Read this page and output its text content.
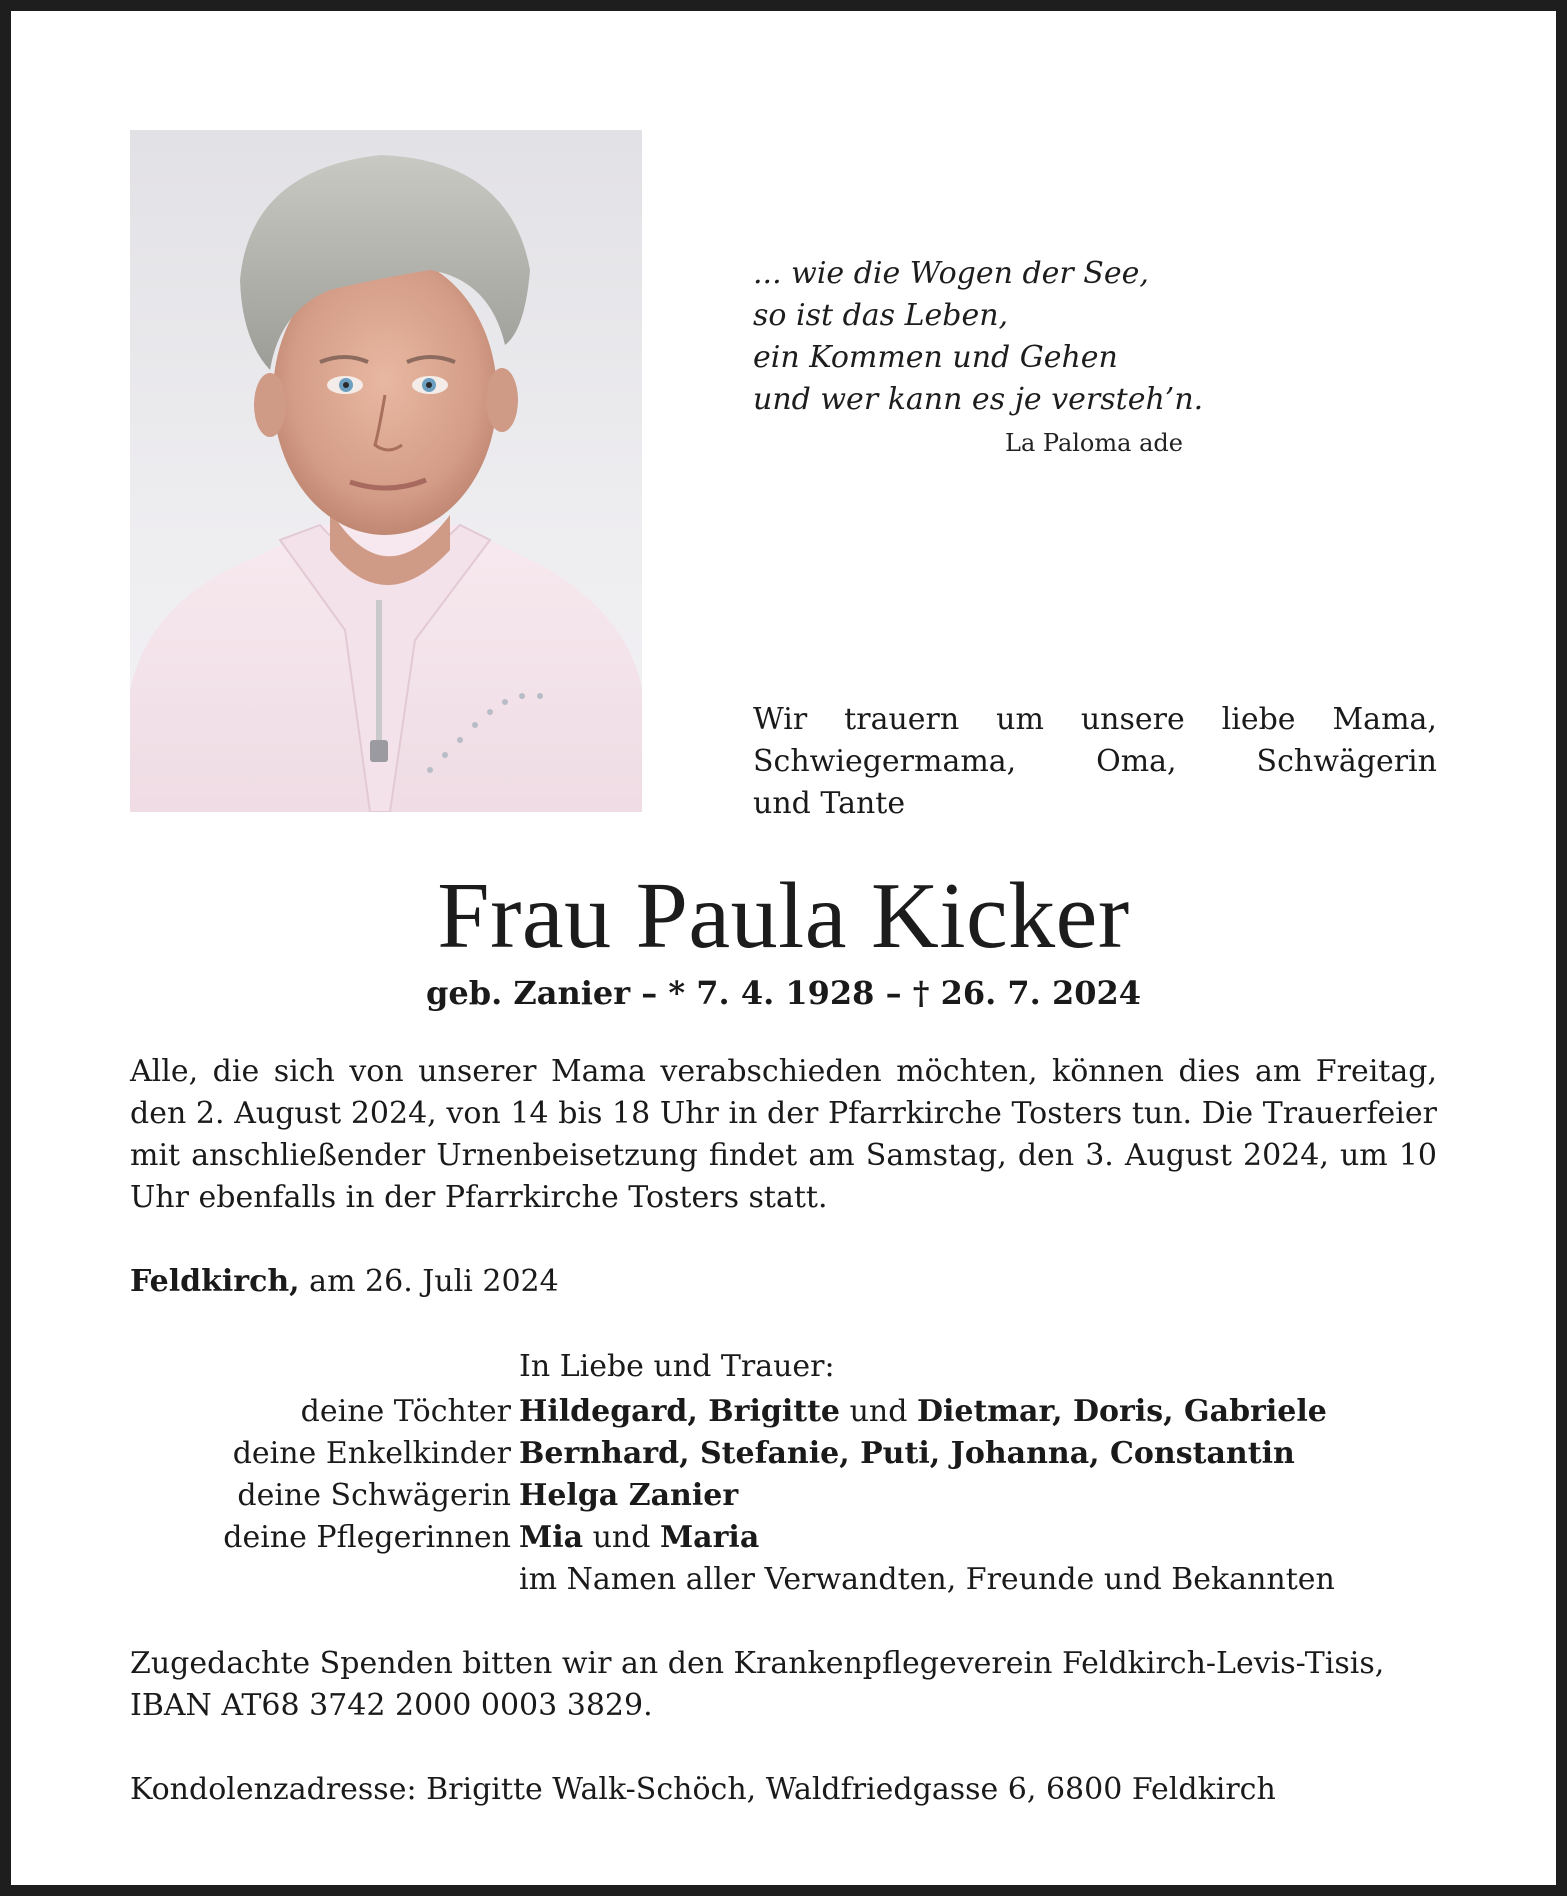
... wie die Wogen der See,
so ist das Leben,
ein Kommen und Gehen
und wer kann es je versteh’n.
La Paloma ade
Wir trauern um unsere liebe Mama,
Schwiegermama,	Oma,	Schwägerin
und Tante
Frau Paula Kicker
geb. Zanier – * 7. 4. 1928 – † 26. 7. 2024
Alle, die sich von unserer Mama verabschieden möchten, können dies am Freitag, den 2. August 2024, von 14 bis 18 Uhr in der Pfarrkirche Tosters tun. Die Trauerfeier mit anschließender Urnenbeisetzung findet am Samstag, den 3. August 2024, um 10 Uhr ebenfalls in der Pfarrkirche Tosters statt.
Feldkirch, am 26. Juli 2024
In Liebe und Trauer:
deine Töchter Hildegard, Brigitte und Dietmar, Doris, Gabriele
deine Enkelkinder Bernhard, Stefanie, Puti, Johanna, Constantin
deine Schwägerin Helga Zanier
deine Pflegerinnen Mia und Maria
im Namen aller Verwandten, Freunde und Bekannten
Zugedachte Spenden bitten wir an den Krankenpflegeverein Feldkirch-Levis-Tisis, IBAN AT68 3742 2000 0003 3829.
Kondolenzadresse: Brigitte Walk-Schöch, Waldfriedgasse 6, 6800 Feldkirch
